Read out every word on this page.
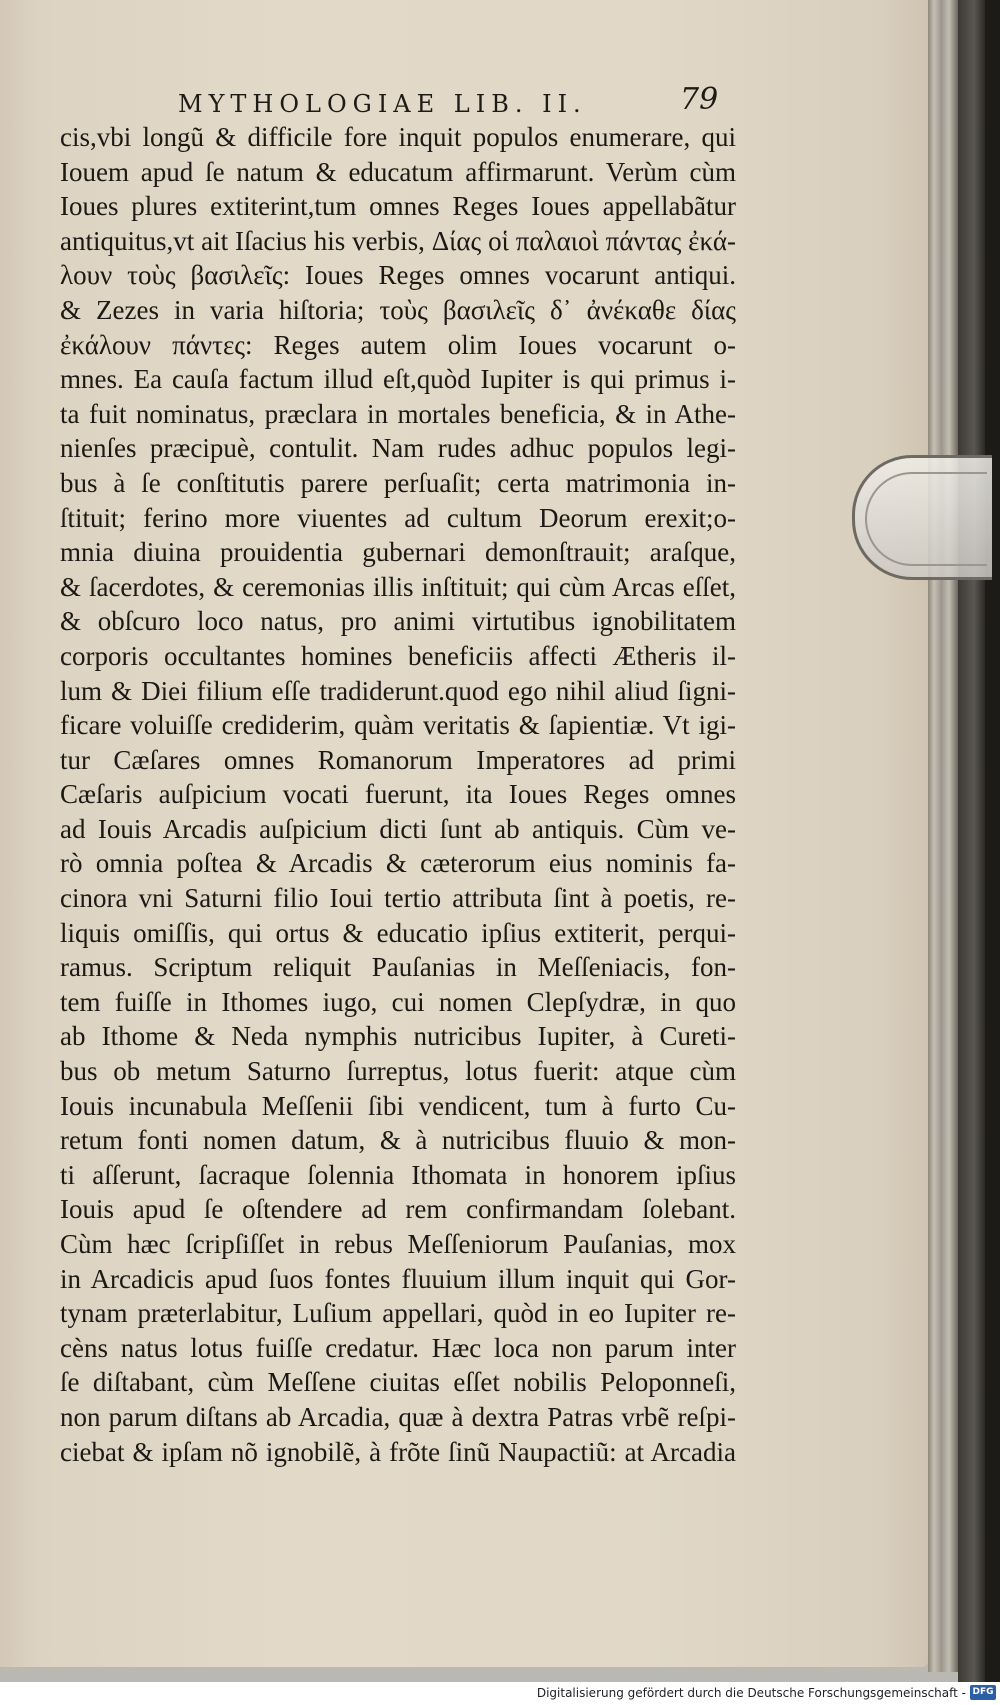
MYTHOLOGIAE LIB. II.	79
cis,vbi longũ & difficile fore inquit populos enumerare, qui
Iouem apud ſe natum & educatum affirmarunt. Verùm cùm
Ioues plures extiterint,tum omnes Reges Ioues appellabãtur
antiquitus,vt ait Iſacius his verbis, Δίας οἱ παλαιοὶ πάντας ἐκά-
λουν τοὺς βασιλεῖς: Ioues Reges omnes vocarunt antiqui.
& Zezes in varia hiſtoria; τοὺς βασιλεῖς δ᾽ ἀνέκαθε δίας
ἐκάλουν πάντες: Reges autem olim Ioues vocarunt o-
mnes. Ea cauſa factum illud eſt,quòd Iupiter is qui primus i-
ta fuit nominatus, præclara in mortales beneficia, & in Athe-
nienſes præcipuè, contulit. Nam rudes adhuc populos legi-
bus à ſe conſtitutis parere perſuaſit; certa matrimonia in-
ſtituit; ferino more viuentes ad cultum Deorum erexit;o-
mnia diuina prouidentia gubernari demonſtrauit; araſque,
& ſacerdotes, & ceremonias illis inſtituit; qui cùm Arcas eſſet,
& obſcuro loco natus, pro animi virtutibus ignobilitatem
corporis occultantes homines beneficiis affecti Ætheris il-
lum & Diei filium eſſe tradiderunt.quod ego nihil aliud ſigni-
ficare voluiſſe crediderim, quàm veritatis & ſapientiæ. Vt igi-
tur Cæſares omnes Romanorum Imperatores ad primi
Cæſaris auſpicium vocati fuerunt, ita Ioues Reges omnes
ad Iouis Arcadis auſpicium dicti ſunt ab antiquis. Cùm ve-
rò omnia poſtea & Arcadis & cæterorum eius nominis fa-
cinora vni Saturni filio Ioui tertio attributa ſint à poetis, re-
liquis omiſſis, qui ortus & educatio ipſius extiterit, perqui-
ramus. Scriptum reliquit Pauſanias in Meſſeniacis, fon-
tem fuiſſe in Ithomes iugo, cui nomen Clepſydræ, in quo
ab Ithome & Neda nymphis nutricibus Iupiter, à Cureti-
bus ob metum Saturno ſurreptus, lotus fuerit: atque cùm
Iouis incunabula Meſſenii ſibi vendicent, tum à furto Cu-
retum fonti nomen datum, & à nutricibus fluuio & mon-
ti aſſerunt, ſacraque ſolennia Ithomata in honorem ipſius
Iouis apud ſe oſtendere ad rem confirmandam ſolebant.
Cùm hæc ſcripſiſſet in rebus Meſſeniorum Pauſanias, mox
in Arcadicis apud ſuos fontes fluuium illum inquit qui Gor-
tynam præterlabitur, Luſium appellari, quòd in eo Iupiter re-
cèns natus lotus fuiſſe credatur. Hæc loca non parum inter
ſe diſtabant, cùm Meſſene ciuitas eſſet nobilis Peloponneſi,
non parum diſtans ab Arcadia, quæ à dextra Patras vrbẽ reſpi-
ciebat & ipſam nõ ignobilẽ, à frõte ſinũ Naupactiũ: at Arcadia
Digitalisierung gefördert durch die Deutsche Forschungsgemeinschaft - DFG
